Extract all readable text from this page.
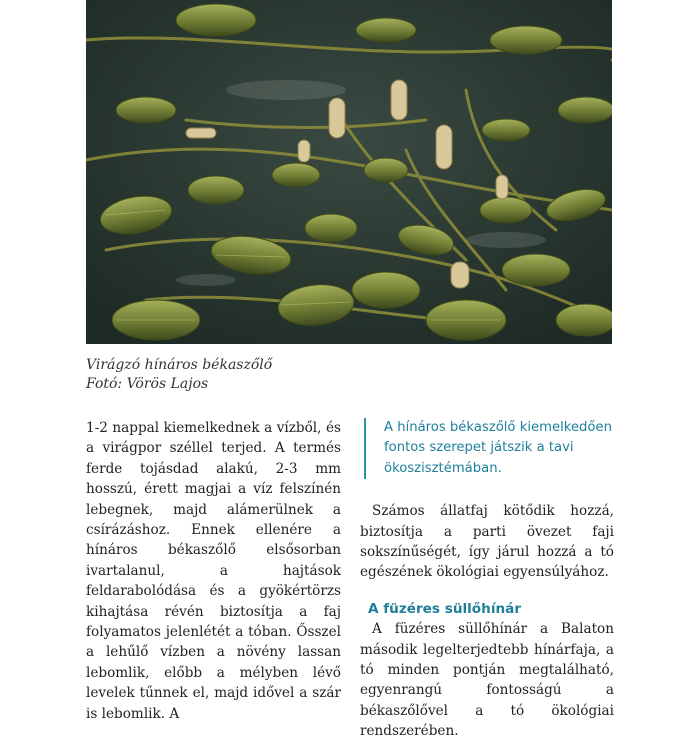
Virágzó hínáros békaszőlő
Fotó: Vörös Lajos

1-2 nappal kiemelkednek a vízből, és a virágpor széllel terjed. A termés ferde tojásdad alakú, 2-3 mm hosszú, érett magjai a víz felszínén lebegnek, majd alámerülnek a csírázáshoz. Ennek ellenére a hínáros békaszőlő elsősorban ivartalanul, a hajtások feldarabolódása és a gyökértörzs kihajtása révén biztosítja a faj folyamatos jelenlétét a tóban. Ősszel a lehűlő vízben a növény lassan lebomlik, előbb a mélyben lévő levelek tűnnek el, majd idővel a szár is lebomlik. A

A hínáros békaszőlő kiemelkedően fontos szerepet játszik a tavi ökoszisztémában.

Számos állatfaj kötődik hozzá, biztosítja a parti övezet faji sokszínűségét, így járul hozzá a tó egészének ökológiai egyensúlyához.

A füzéres süllőhínár

A füzéres süllőhínár a Balaton második legelterjedtebb hínárfaja, a tó minden pontján megtalálható, egyenrangú fontosságú a békaszőlővel a tó ökológiai rendszerében.
